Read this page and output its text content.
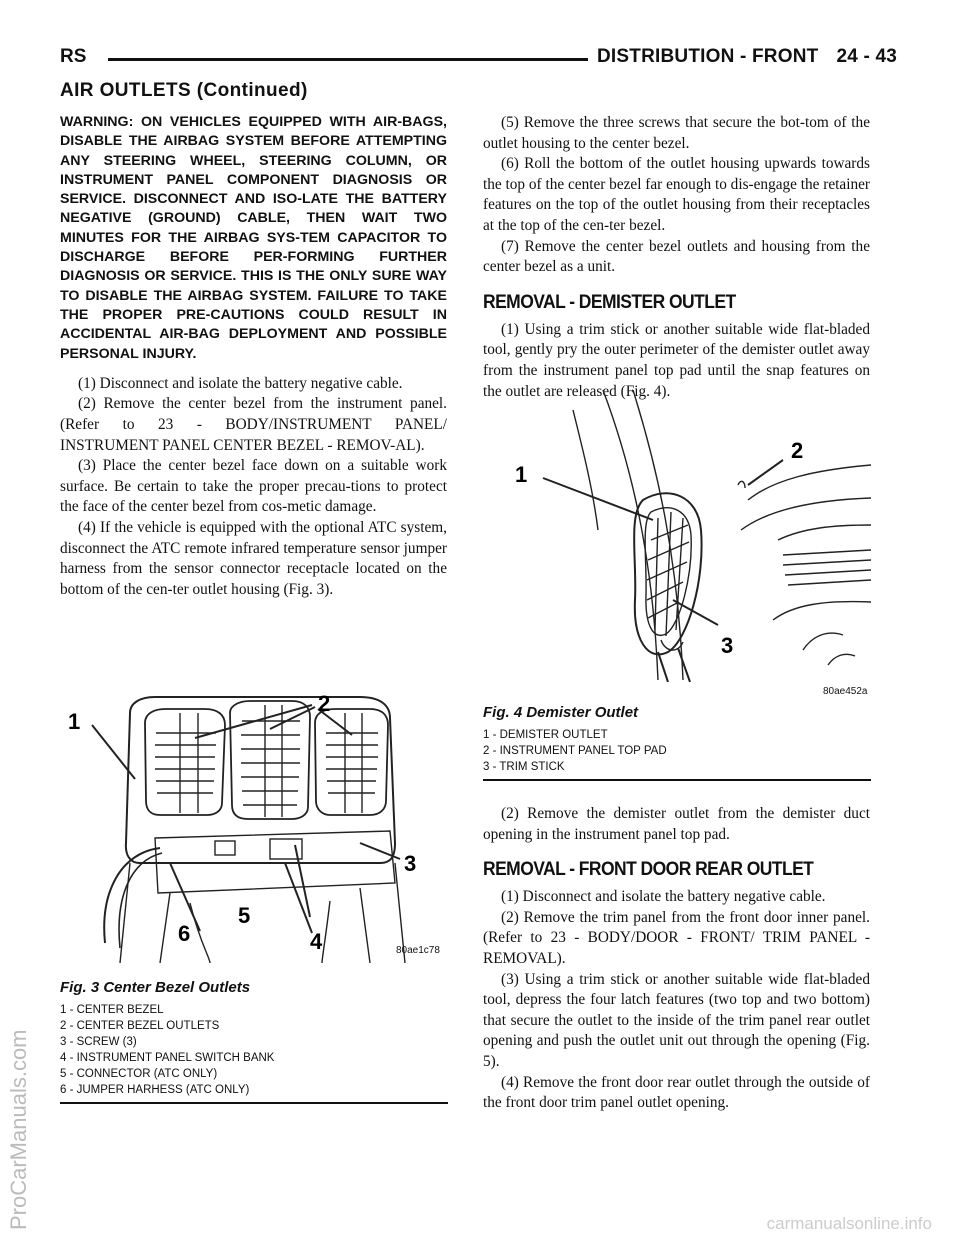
RS	DISTRIBUTION - FRONT 24 - 43
AIR OUTLETS (Continued)
WARNING: ON VEHICLES EQUIPPED WITH AIR-BAGS, DISABLE THE AIRBAG SYSTEM BEFORE ATTEMPTING ANY STEERING WHEEL, STEERING COLUMN, OR INSTRUMENT PANEL COMPONENT DIAGNOSIS OR SERVICE. DISCONNECT AND ISO-LATE THE BATTERY NEGATIVE (GROUND) CABLE, THEN WAIT TWO MINUTES FOR THE AIRBAG SYS-TEM CAPACITOR TO DISCHARGE BEFORE PER-FORMING FURTHER DIAGNOSIS OR SERVICE. THIS IS THE ONLY SURE WAY TO DISABLE THE AIRBAG SYSTEM. FAILURE TO TAKE THE PROPER PRE-CAUTIONS COULD RESULT IN ACCIDENTAL AIR-BAG DEPLOYMENT AND POSSIBLE PERSONAL INJURY.

(1) Disconnect and isolate the battery negative cable.

(2) Remove the center bezel from the instrument panel. (Refer to 23 - BODY/INSTRUMENT PANEL/ INSTRUMENT PANEL CENTER BEZEL - REMOV-AL).

(3) Place the center bezel face down on a suitable work surface. Be certain to take the proper precau-tions to protect the face of the center bezel from cos-metic damage.

(4) If the vehicle is equipped with the optional ATC system, disconnect the ATC remote infrared temperature sensor jumper harness from the sensor connector receptacle located on the bottom of the cen-ter outlet housing (Fig. 3).

(5) Remove the three screws that secure the bot-tom of the outlet housing to the center bezel.

(6) Roll the bottom of the outlet housing upwards towards the top of the center bezel far enough to dis-engage the retainer features on the top of the outlet housing from their receptacles at the top of the cen-ter bezel.

(7) Remove the center bezel outlets and housing from the center bezel as a unit.

REMOVAL - DEMISTER OUTLET

(1) Using a trim stick or another suitable wide flat-bladed tool, gently pry the outer perimeter of the demister outlet away from the instrument panel top pad until the snap features on the outlet are released (Fig. 4).

1
2
3
80ae452a
Fig. 4 Demister Outlet
1 - DEMISTER OUTLET
2 - INSTRUMENT PANEL TOP PAD
3 - TRIM STICK

(2) Remove the demister outlet from the demister duct opening in the instrument panel top pad.

REMOVAL - FRONT DOOR REAR OUTLET

(1) Disconnect and isolate the battery negative cable.

(2) Remove the trim panel from the front door inner panel. (Refer to 23 - BODY/DOOR - FRONT/ TRIM PANEL - REMOVAL).

(3) Using a trim stick or another suitable wide flat-bladed tool, depress the four latch features (two top and two bottom) that secure the outlet to the inside of the trim panel rear outlet opening and push the outlet unit out through the opening (Fig. 5).

(4) Remove the front door rear outlet through the outside of the front door trim panel outlet opening.

1
2
3
4
5
6
80ae1c78
Fig. 3 Center Bezel Outlets
1 - CENTER BEZEL
2 - CENTER BEZEL OUTLETS
3 - SCREW (3)
4 - INSTRUMENT PANEL SWITCH BANK
5 - CONNECTOR (ATC ONLY)
6 - JUMPER HARHESS (ATC ONLY)
ProCarManuals.com	carmanualsonline.info
